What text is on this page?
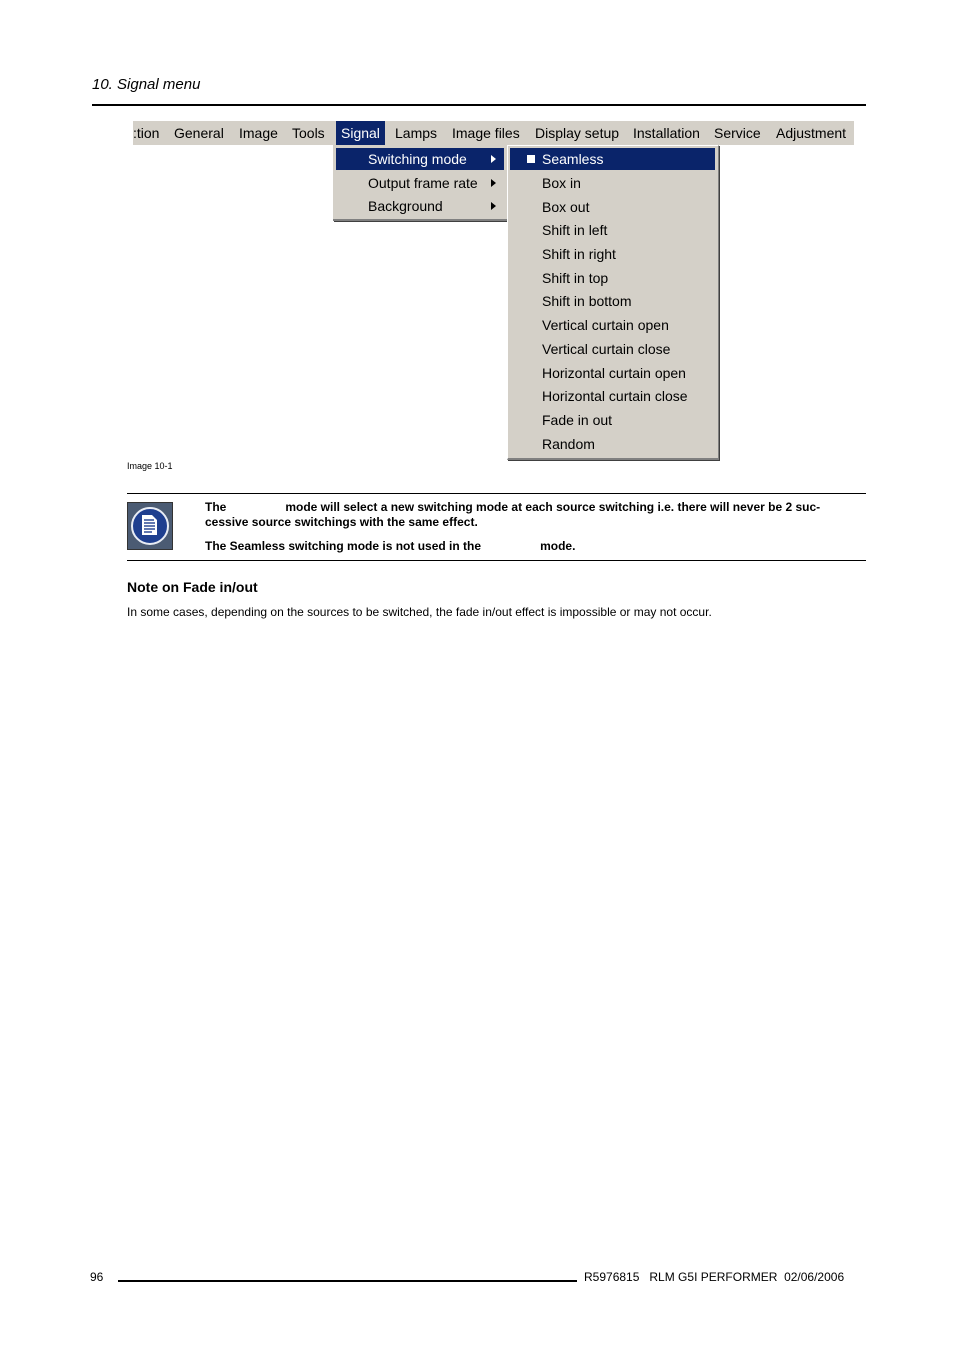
10. Signal menu
:tion General Image Tools	Signal	Lamps Image files Display setup Installation Service Adjustment
Switching mode
Output frame rate
Background
Seamless
Box in
Box out
Shift in left
Shift in right
Shift in top
Shift in bottom
Vertical curtain open
Vertical curtain close
Horizontal curtain open
Horizontal curtain close
Fade in out
Random
Image 10-1
The	mode will select a new switching mode at each source switching i.e. there will never be 2 suc-
cessive source switchings with the same effect.
The Seamless switching mode is not used in the	mode.
Note on Fade in/out
In some cases, depending on the sources to be switched, the fade in/out effect is impossible or may not occur.
96	R5976815   RLM G5I PERFORMER  02/06/2006
